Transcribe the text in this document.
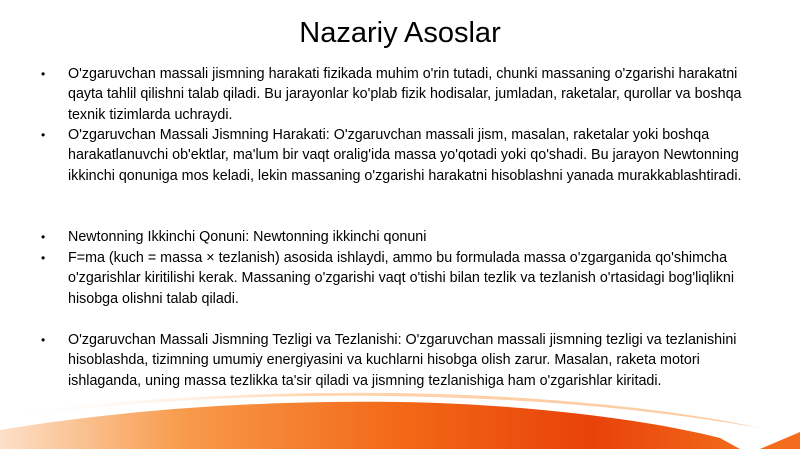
Nazariy Asoslar
• O'zgaruvchan massali jismning harakati fizikada muhim o'rin tutadi, chunki massaning o'zgarishi harakatni qayta tahlil qilishni talab qiladi. Bu jarayonlar ko'plab fizik hodisalar, jumladan, raketalar, qurollar va boshqa texnik tizimlarda uchraydi.
• O'zgaruvchan Massali Jismning Harakati: O'zgaruvchan massali jism, masalan, raketalar yoki boshqa harakatlanuvchi ob'ektlar, ma'lum bir vaqt oralig'ida massa yo'qotadi yoki qo'shadi. Bu jarayon Newtonning ikkinchi qonuniga mos keladi, lekin massaning o'zgarishi harakatni hisoblashni yanada murakkablashtiradi.
• Newtonning Ikkinchi Qonuni: Newtonning ikkinchi qonuni
• F=ma (kuch = massa × tezlanish) asosida ishlaydi, ammo bu formulada massa o'zgarganida qo'shimcha o'zgarishlar kiritilishi kerak. Massaning o'zgarishi vaqt o'tishi bilan tezlik va tezlanish o'rtasidagi bog'liqlikni hisobga olishni talab qiladi.
• O'zgaruvchan Massali Jismning Tezligi va Tezlanishi: O'zgaruvchan massali jismning tezligi va tezlanishini hisoblashda, tizimning umumiy energiyasini va kuchlarni hisobga olish zarur. Masalan, raketa motori ishlaganda, uning massa tezlikka ta'sir qiladi va jismning tezlanishiga ham o'zgarishlar kiritadi.
